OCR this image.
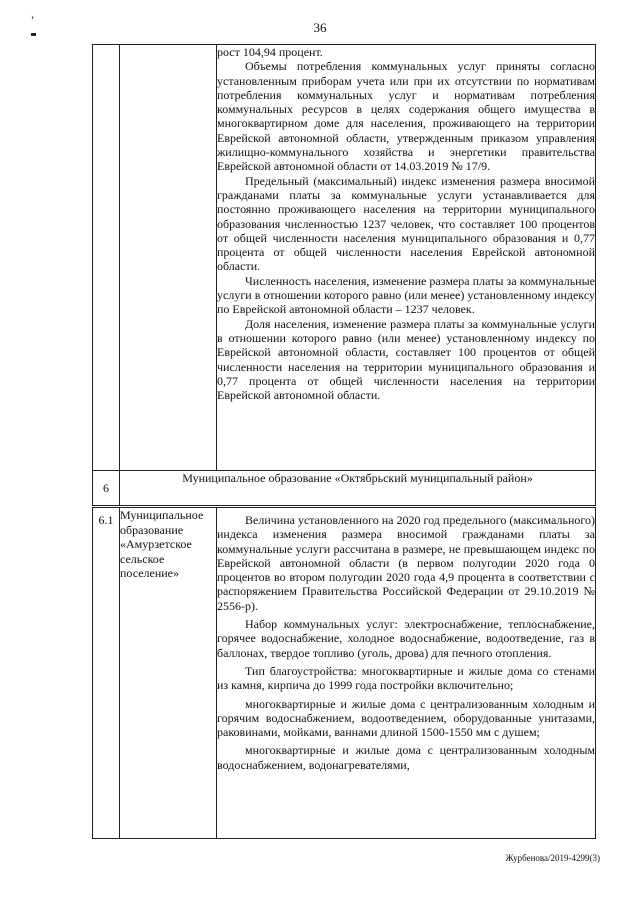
36
›

		рост 104,94 процент.

Объемы потребления коммунальных услуг приняты согласно установленным приборам учета или при их отсутствии по нормативам потребления коммунальных услуг и нормативам потребления коммунальных ресурсов в целях содержания общего имущества в многоквартирном доме для населения, проживающего на территории Еврейской автономной области, утвержденным приказом управления жилищно-коммунального хозяйства и энергетики правительства Еврейской автономной области от 14.03.2019 № 17/9.

Предельный (максимальный) индекс изменения размера вносимой гражданами платы за коммунальные услуги устанавливается для постоянно проживающего населения на территории муниципального образования численностью 1237 человек, что составляет 100 процентов от общей численности населения муниципального образования и 0,77 процента от общей численности населения Еврейской автономной области.

Численность населения, изменение размера платы за коммунальные услуги в отношении которого равно (или менее) установленному индексу по Еврейской автономной области – 1237 человек.

Доля населения, изменение размера платы за коммунальные услуги в отношении которого равно (или менее) установленному индексу по Еврейской автономной области, составляет 100 процентов от общей численности населения на территории муниципального образования и 0,77 процента от общей численности населения на территории Еврейской автономной области.

6	Муниципальное образование «Октябрьский муниципальный район»	
6.1	Муниципальное образование «Амурзетское сельское поселение»	Величина установленного на 2020 год предельного (максимального) индекса изменения размера вносимой гражданами платы за коммунальные услуги рассчитана в размере, не превышающем индекс по Еврейской автономной области (в первом полугодии 2020 года 0 процентов во втором полугодии 2020 года 4,9 процента в соответствии с распоряжением Правительства Российской Федерации от 29.10.2019 № 2556-р).

Набор коммунальных услуг: электроснабжение, теплоснабжение, горячее водоснабжение, холодное водоснабжение, водоотведение, газ в баллонах, твердое топливо (уголь, дрова) для печного отопления.

Тип благоустройства: многоквартирные и жилые дома со стенами из камня, кирпича до 1999 года постройки включительно;

многоквартирные и жилые дома с централизованным холодным и горячим водоснабжением, водоотведением, оборудованные унитазами, раковинами, мойками, ваннами длиной 1500-1550 мм с душем;

многоквартирные и жилые дома с централизованным холодным водоснабжением, водонагревателями,

Журбенова/2019-4299(3)
